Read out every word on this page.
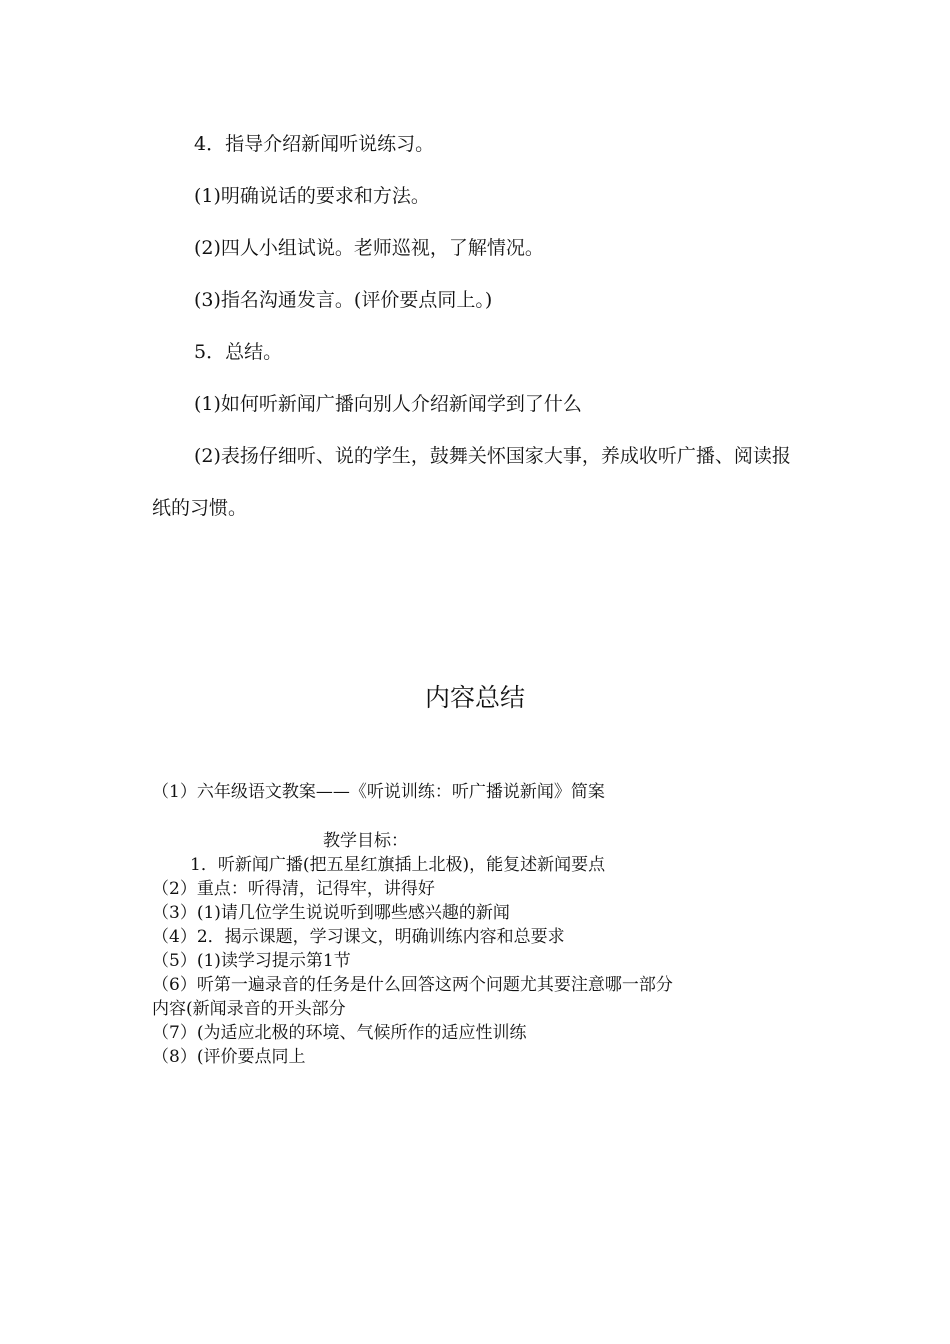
4．指导介绍新闻听说练习。

(1)明确说话的要求和方法。

(2)四人小组试说。老师巡视，了解情况。

(3)指名沟通发言。(评价要点同上。)

5．总结。

(1)如何听新闻广播向别人介绍新闻学到了什么

(2)表扬仔细听、说的学生，鼓舞关怀国家大事，养成收听广播、阅读报纸的习惯。

内容总结

（1）六年级语文教案——《听说训练：听广播说新闻》简案

教学目标：

1．听新闻广播(把五星红旗插上北极)，能复述新闻要点

（2）重点：听得清，记得牢，讲得好

（3）(1)请几位学生说说听到哪些感兴趣的新闻

（4）2．揭示课题，学习课文，明确训练内容和总要求

（5）(1)读学习提示第1节

（6）听第一遍录音的任务是什么回答这两个问题尤其要注意哪一部分

内容(新闻录音的开头部分

（7）(为适应北极的环境、气候所作的适应性训练

（8）(评价要点同上
